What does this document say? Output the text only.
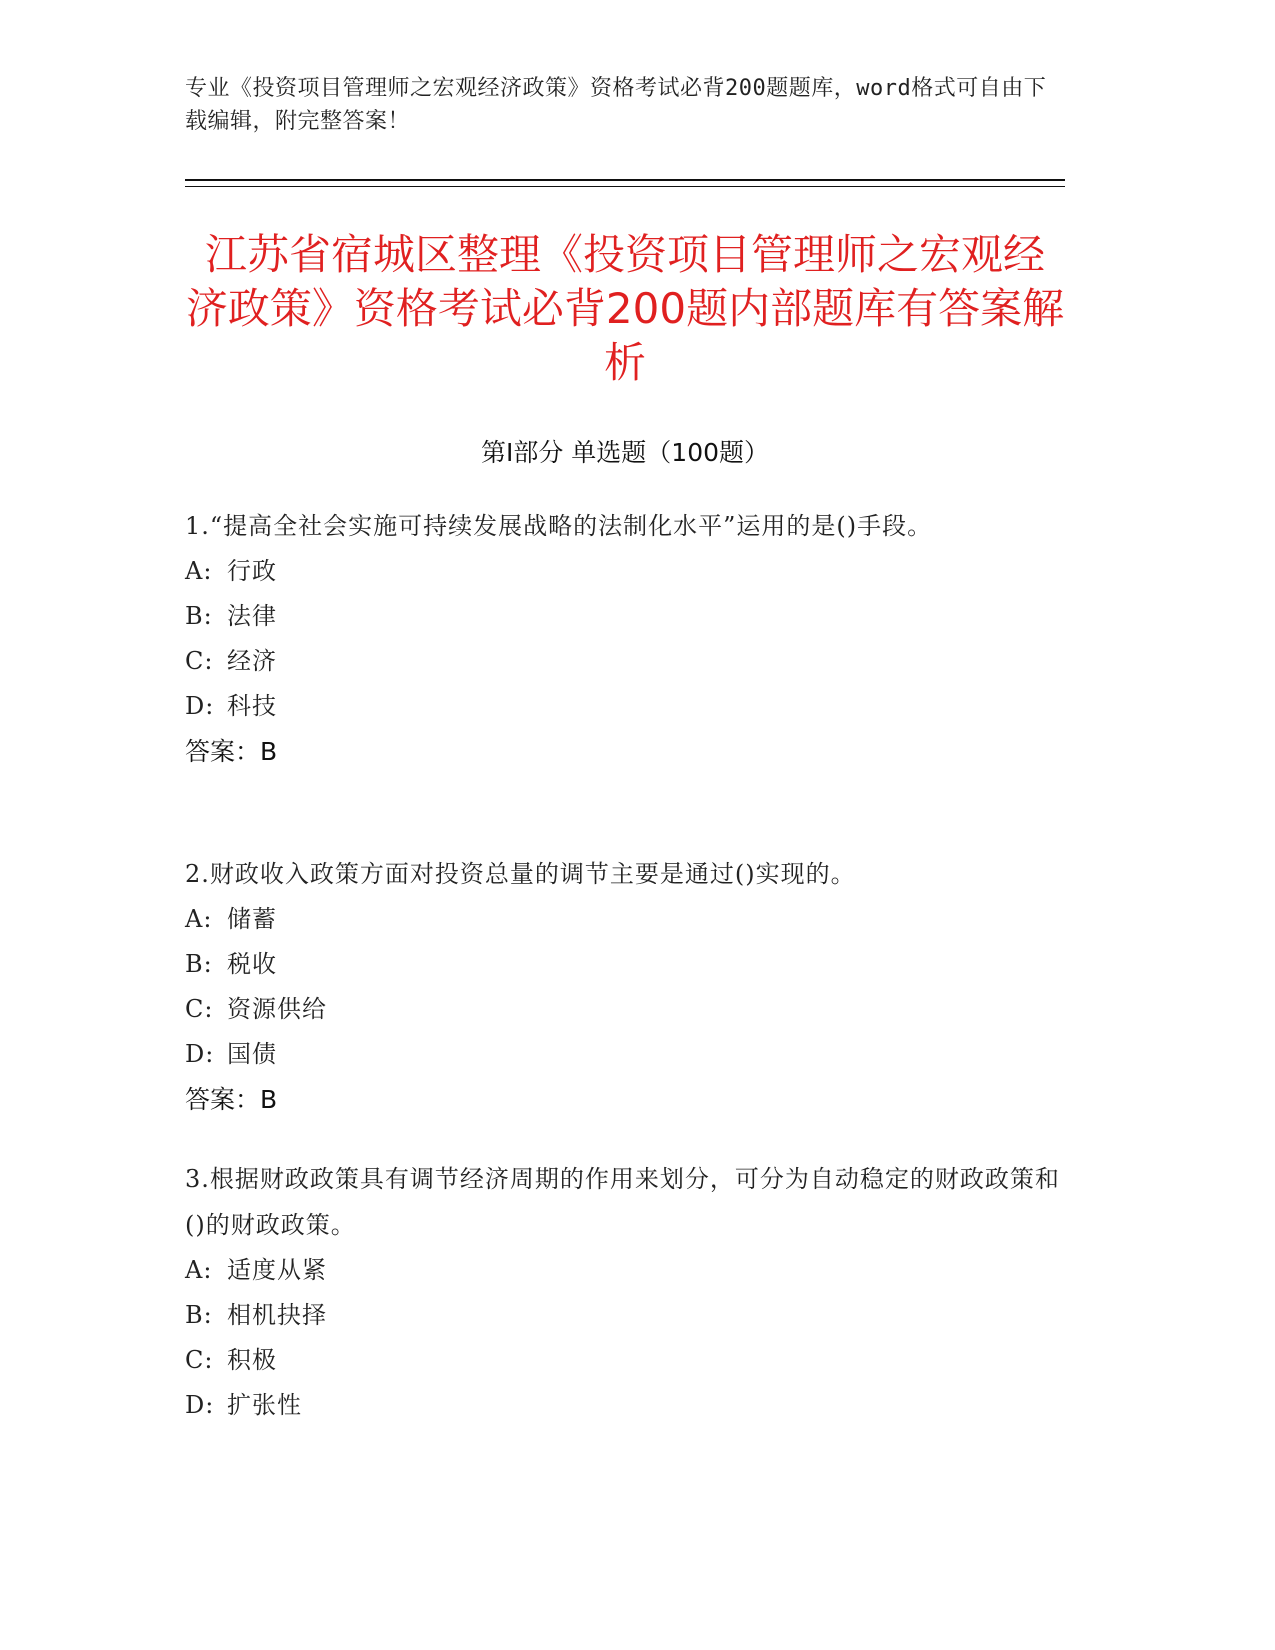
专业《投资项目管理师之宏观经济政策》资格考试必背200题题库，word格式可自由下载编辑，附完整答案！
江苏省宿城区整理《投资项目管理师之宏观经济政策》资格考试必背200题内部题库有答案解析
第Ⅰ部分 单选题（100题）
1.“提高全社会实施可持续发展战略的法制化水平”运用的是()手段。
A: 行政
B: 法律
C: 经济
D: 科技
答案：B
2.财政收入政策方面对投资总量的调节主要是通过()实现的。
A: 储蓄
B: 税收
C: 资源供给
D: 国债
答案：B
3.根据财政政策具有调节经济周期的作用来划分，可分为自动稳定的财政政策和()的财政政策。
A: 适度从紧
B: 相机抉择
C: 积极
D: 扩张性
